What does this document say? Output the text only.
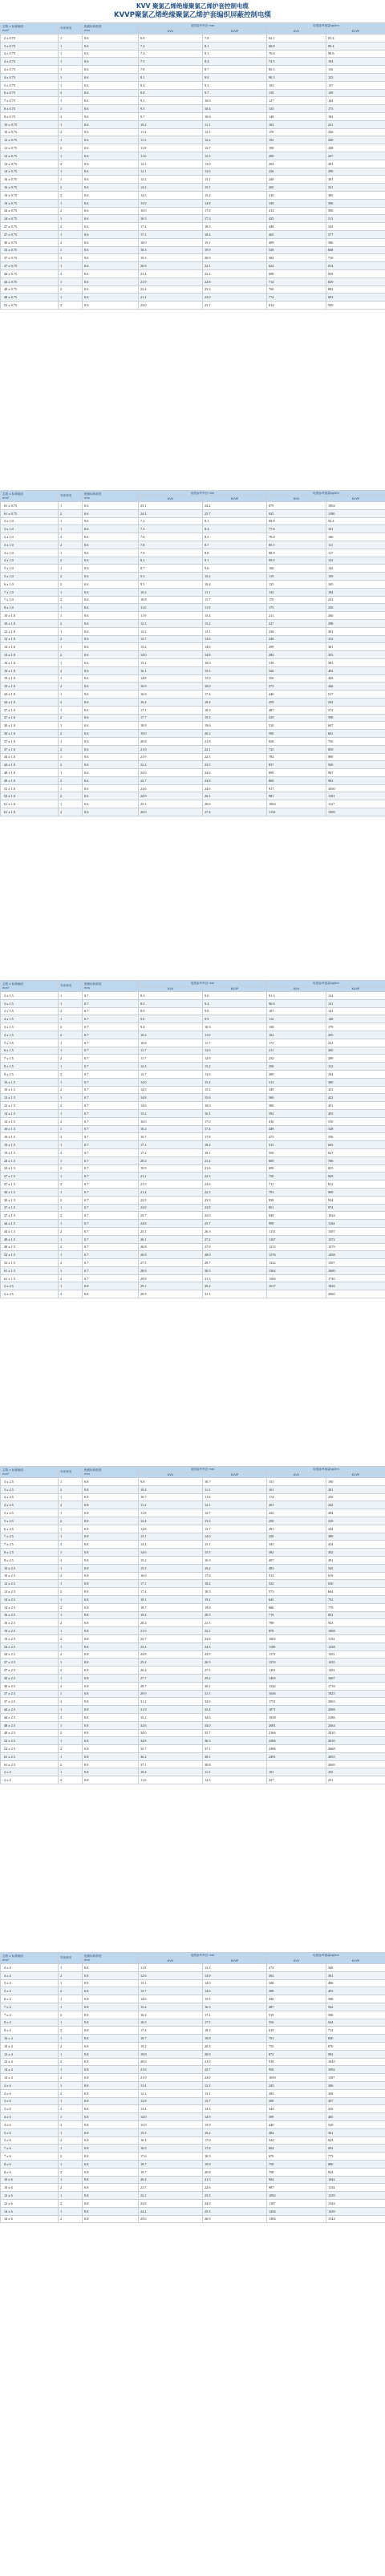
KVV 聚氯乙烯绝缘聚氯乙烯护套控制电缆
KVVP聚氯乙烯绝缘聚氯乙烯护套编织屏蔽控制电缆
芯数 x 标称截面
mm²	导体种类	绝缘标称厚度
mm	电缆参考外径 mm		电缆参考重量kg/km	
			KVV	KVVP	KVV	KVVP
2 x 0.75	1	0.6	6.9	7.8	62.1	81.4
3 x 0.75	1	0.6	7.2	8.1	68.8	89.4
4 x 0.75	1	0.6	7.2	8.1	70.6	98.6
4 x 0.75	1	0.6	7.5	8.4	74.5	104
4 x 0.75	1	0.6	7.8	8.7	85.3	116
4 x 0.75	1	0.6	8.1	9.0	90.3	123
5 x 0.75	1	0.6	8.4	9.3	103	137
6 x 0.75	2	0.6	8.8	9.7	110	149
7 x 0.75	1	0.6	9.1	10.0	127	164
8 x 0.75	1	0.6	9.5	10.4	135	173
8 x 0.75	2	0.6	9.7	10.6	148	183
10 x 0.75	1	0.6	10.2	11.1	163	221
10 x 0.75	2	0.6	11.2	12.1	170	226
12 x 0.75	1	0.6	11.3	12.2	192	240
12 x 0.75	2	0.6	11.8	12.7	190	248
12 x 0.75	1	0.6	11.6	12.5	200	267
14 x 0.75	2	0.6	12.1	13.0	204	281
14 x 0.75	1	0.6	12.1	13.6	226	290
16 x 0.75	1	0.6	12.2	13.1	240	301
16 x 0.75	2	0.6	14.2	15.1	265	321
19 x 0.75	2	0.6	14.5	15.4	310	385
19 x 0.75	1	0.6	13.9	14.8	339	396
24 x 0.75	2	0.6	16.0	17.8	414	506
24 x 0.75	1	0.6	16.5	17.3	425	511
27 x 0.75	2	0.6	17.4	18.5	448	542
27 x 0.75	1	0.6	17.1	18.2	465	577
30 x 0.75	2	0.6	18.0	19.1	499	586
33 x 0.75	1	0.6	18.3	19.9	549	668
37 x 0.75	2	0.6	19.3	20.9	584	710
37 x 0.75	1	0.6	20.9	22.1	624	814
44 x 0.75	2	0.6	21.4	22.2	698	839
44 x 0.75	1	0.6	21.9	22.8	714	829
48 x 0.75	2	0.6	22.4	23.3	760	882
48 x 0.75	1	0.6	21.4	23.0	774	893
52 x 0.75	2	0.6	23.0	23.1	814	939
芯数 x 标称截面
mm²	导体种类	绝缘标称厚度
mm	电缆参考外径 mm		电缆参考重量kg/km	
			KVV	KVVP	KVV	KVVP
61 x 0.75	1	0.6	23.1	24.2	879	1004
61 x 0.75	2	0.6	24.3	25.7	925	1100
2 x 1.0	1	0.6	7.2	8.1	69.8	92.4
3 x 1.0	1	0.6	7.5	8.4	77.6	101
2 x 1.0	2	0.6	7.6	8.5	78.8	106
3 x 1.0	2	0.6	7.8	8.7	85.5	111
4 x 1.0	1	0.6	7.9	8.8	88.9	117
4 x 1.0	2	0.6	8.2	9.1	99.0	132
5 x 1.0	1	0.6	8.7	9.6	106	142
5 x 1.0	2	0.6	9.3	10.2	119	159
6 x 1.0	2	0.6	9.5	10.4	125	165
7 x 1.0	1	0.6	10.2	11.1	143	184
7 x 1.0	2	0.6	10.8	11.7	170	223
8 x 1.0	1	0.6	11.0	11.9	175	230
10 x 1.0	1	0.6	11.9	13.4	211	266
10 x 1.0	2	0.6	12.3	13.2	227	298
12 x 1.0	1	0.6	12.2	13.1	236	301
12 x 1.0	2	0.6	12.7	13.6	248	312
14 x 1.0	1	0.6	13.4	14.6	299	361
14 x 1.0	2	0.6	14.0	14.8	284	353
16 x 1.0	1	0.6	15.2	16.0	318	383
16 x 1.0	2	0.6	16.1	15.3	326	402
19 x 1.0	1	0.6	14.8	15.9	356	426
19 x 1.0	2	0.6	16.9	16.0	373	446
24 x 1.0	1	0.6	16.9	17.4	446	517
24 x 1.0	2	0.6	16.4	18.4	459	542
27 x 1.0	1	0.6	17.1	18.3	487	572
27 x 1.0	2	0.6	17.7	19.3	529	598
30 x 1.0	1	0.6	18.9	19.6	510	607
30 x 1.0	2	0.6	19.0	20.2	590	661
37 x 1.0	1	0.6	20.8	21.8	658	750
37 x 1.0	2	0.6	21.0	22.1	725	839
44 x 1.0	1	0.6	21.9	22.5	784	889
44 x 1.0	2	0.6	22.4	23.5	837	930
48 x 1.0	1	0.6	23.0	24.6	899	987
48 x 1.0	2	0.6	22.7	23.8	869	992
52 x 1.0	1	0.6	23.6	24.6	917	1030
52 x 1.0	2	0.6	24.9	26.1	981	1101
61 x 1.0	1	0.6	25.3	26.6	1004	1127
61 x 1.0	2	0.6	26.0	27.4	1132	1309
芯数 x 标称截面
mm²	导体种类	绝缘标称厚度
mm	电缆参考外径 mm		电缆参考重量kg/km	
			KVV	KVVP	KVV	KVVP
2 x 1.5	1	0.7	8.3	9.0	91.3	124
3 x 1.5	1	0.7	8.5	9.4	96.9	131
2 x 1.5	2	0.7	8.9	9.8	107	141
4 x 1.5	1	0.7	9.0	9.9	112	148
3 x 1.5	2	0.7	9.4	10.3	138	179
4 x 1.5	2	0.7	10.2	11.0	162	205
5 x 1.5	1	0.7	10.8	11.7	173	221
6 x 1.5	1	0.7	11.7	12.6	211	265
7 x 1.5	2	0.7	11.7	12.9	232	289
8 x 1.5	1	0.7	12.4	13.2	256	312
8 x 1.5	2	0.7	12.7	13.6	280	344
10 x 1.5	1	0.7	14.0	15.4	313	389
10 x 1.5	2	0.7	14.5	15.3	349	413
12 x 1.5	1	0.7	14.8	15.6	360	422
12 x 1.5	2	0.7	14.6	16.0	380	451
14 x 1.5	1	0.7	15.2	16.1	392	455
14 x 1.5	2	0.7	16.0	17.0	416	510
16 x 1.5	1	0.7	16.2	17.4	449	528
16 x 1.5	2	0.7	16.7	17.8	475	556
19 x 1.5	1	0.7	17.1	18.2	515	605
19 x 1.5	2	0.7	17.2	18.1	550	627
24 x 1.5	1	0.7	20.2	21.4	600	706
24 x 1.5	2	0.7	19.9	21.6	699	815
27 x 1.5	1	0.7	21.2	22.3	720	829
27 x 1.5	2	0.7	21.5	22.6	711	812
30 x 1.5	1	0.7	21.4	22.3	793	909
30 x 1.5	2	0.7	22.5	23.5	838	954
37 x 1.5	1	0.7	23.0	23.8	851	974
37 x 1.5	2	0.7	23.7	25.0	949	1034
44 x 1.5	1	0.7	24.8	25.7	999	1164
44 x 1.5	2	0.7	25.1	26.3	1131	1307
48 x 1.5	1	0.7	26.1	27.2	1167	1372
48 x 1.5	2	0.7	26.8	27.9	1215	1379
52 x 1.5	1	0.7	26.9	28.0	1276	1458
52 x 1.5	2	0.7	27.5	28.7	1322	1507
61 x 1.5	1	0.7	28.9	30.5	1362	1600
61 x 1.5	2	0.7	29.8	31.3	1566	1740
2 x 2.5	1	0.8	29.1	30.2	1617	1826
2 x 2.5	2	0.8	29.5	31.1		2060
芯数 x 标称截面
mm²	导体种类	绝缘标称厚度
mm	电缆参考外径 mm		电缆参考重量kg/km	
			KVV	KVVP	KVV	KVVP
3 x 2.5	1	0.8	9.8	10.7	151	190
3 x 2.5	2	0.8	10.4	11.3	161	201
4 x 2.5	1	0.8	10.7	11.6	174	230
4 x 2.5	2	0.8	11.2	12.1	201	242
5 x 2.5	1	0.8	11.8	12.7	222	284
5 x 2.5	2	0.8	12.4	13.3	250	310
6 x 2.5	1	0.8	12.8	13.7	281	344
7 x 2.5	1	0.8	13.1	14.0	320	389
7 x 2.5	2	0.8	14.2	15.1	343	414
8 x 2.5	1	0.8	14.6	15.5	382	452
8 x 2.5	2	0.8	15.2	16.3	407	491
10 x 2.5	1	0.8	15.3	16.2	483	545
10 x 2.5	2	0.8	16.6	17.6	513	619
12 x 2.5	1	0.8	17.1	18.2	523	630
12 x 2.5	2	0.8	17.4	18.5	573	664
14 x 2.5	1	0.8	18.1	19.2	645	732
14 x 2.5	2	0.8	18.7	19.8	686	779
16 x 2.5	1	0.8	19.4	20.5	719	852
16 x 2.5	2	0.8	20.2	21.3	789	923
19 x 2.5	1	0.8	21.0	22.2	870	1008
19 x 2.5	2	0.8	22.7	23.8	1002	1152
24 x 2.5	1	0.8	23.4	24.5	1100	1258
24 x 2.5	2	0.8	24.8	25.9	1172	1301
27 x 2.5	1	0.8	25.4	26.5	1253	1435
27 x 2.5	2	0.8	26.4	27.5	1291	1491
30 x 2.5	1	0.8	27.7	29.2	1465	1667
30 x 2.5	2	0.8	28.7	30.1	1542	1716
37 x 2.5	1	0.8	29.9	31.5	1636	1825
37 x 2.5	2	0.8	31.2	32.6	1751	2063
44 x 2.5	1	0.8	31.9	33.4	1871	2008
44 x 2.5	2	0.8	33.2	34.6	1928	2186
48 x 2.5	1	0.8	32.6	34.0	2081	2364
48 x 2.5	2	0.8	34.0	35.7	2166	2410
52 x 2.5	1	0.8	34.8	36.3	2266	2610
52 x 2.5	2	0.8	35.7	37.1	2386	2668
61 x 2.5	1	0.8	36.2	38.1	2491	2855
61 x 2.5	2	0.8	37.1	38.8		3009
2 x 4	1	0.8	10.4	11.3	191	235
2 x 4	2	0.8	11.6	12.5	227	251
芯数 x 标称截面
mm²	导体种类	绝缘标称厚度
mm	电缆参考外径 mm		电缆参考重量kg/km	
			KVV	KVVP	KVV	KVVP
4 x 4	1	0.8	11.8	13.3	272	340
4 x 4	2	0.8	12.6	13.9	302	361
5 x 4	1	0.8	13.1	14.0	346	406
5 x 4	2	0.8	13.7	14.6	388	455
6 x 4	1	0.8	14.6	15.5	436	508
7 x 4	1	0.8	15.4	16.3	487	562
7 x 4	2	0.8	16.2	17.1	519	596
8 x 4	1	0.8	16.5	17.5	556	644
8 x 4	2	0.8	17.4	18.3	619	712
10 x 4	1	0.8	18.7	19.8	701	830
10 x 4	2	0.8	19.2	20.3	755	870
12 x 4	1	0.8	19.8	20.9	872	992
12 x 4	2	0.8	20.6	21.9	918	1045
14 x 4	1	0.8	21.6	22.7	956	1092
14 x 4	2	0.8	21.9	23.0	1050	1187
2 x 6	1	0.8	11.4	12.3	245	306
2 x 6	2	0.8	12.2	13.1	282	338
3 x 6	1	0.8	12.8	13.7	300	357
3 x 6	2	0.8	13.4	14.3	344	410
4 x 6	1	0.8	14.0	14.9	399	465
4 x 6	2	0.8	15.0	15.9	440	510
5 x 6	1	0.8	15.3	16.2	484	561
5 x 6	2	0.8	16.1	17.0	544	623
7 x 6	1	0.8	16.9	17.8	604	692
7 x 6	2	0.8	17.6	18.5	670	773
8 x 6	1	0.8	18.7	19.8	758	880
8 x 6	2	0.8	19.7	20.8	798	924
10 x 6	1	0.8	20.4	21.5	904	1042
10 x 6	2	0.8	21.5	22.6	987	1134
12 x 6	1	0.8	22.2	23.3	1092	1239
12 x 6	2	0.8	23.8	24.9	1187	1344
14 x 6	1	0.8	24.2	25.3	1294	1439
14 x 6	2	0.8	25.6	26.9	1384	1544
